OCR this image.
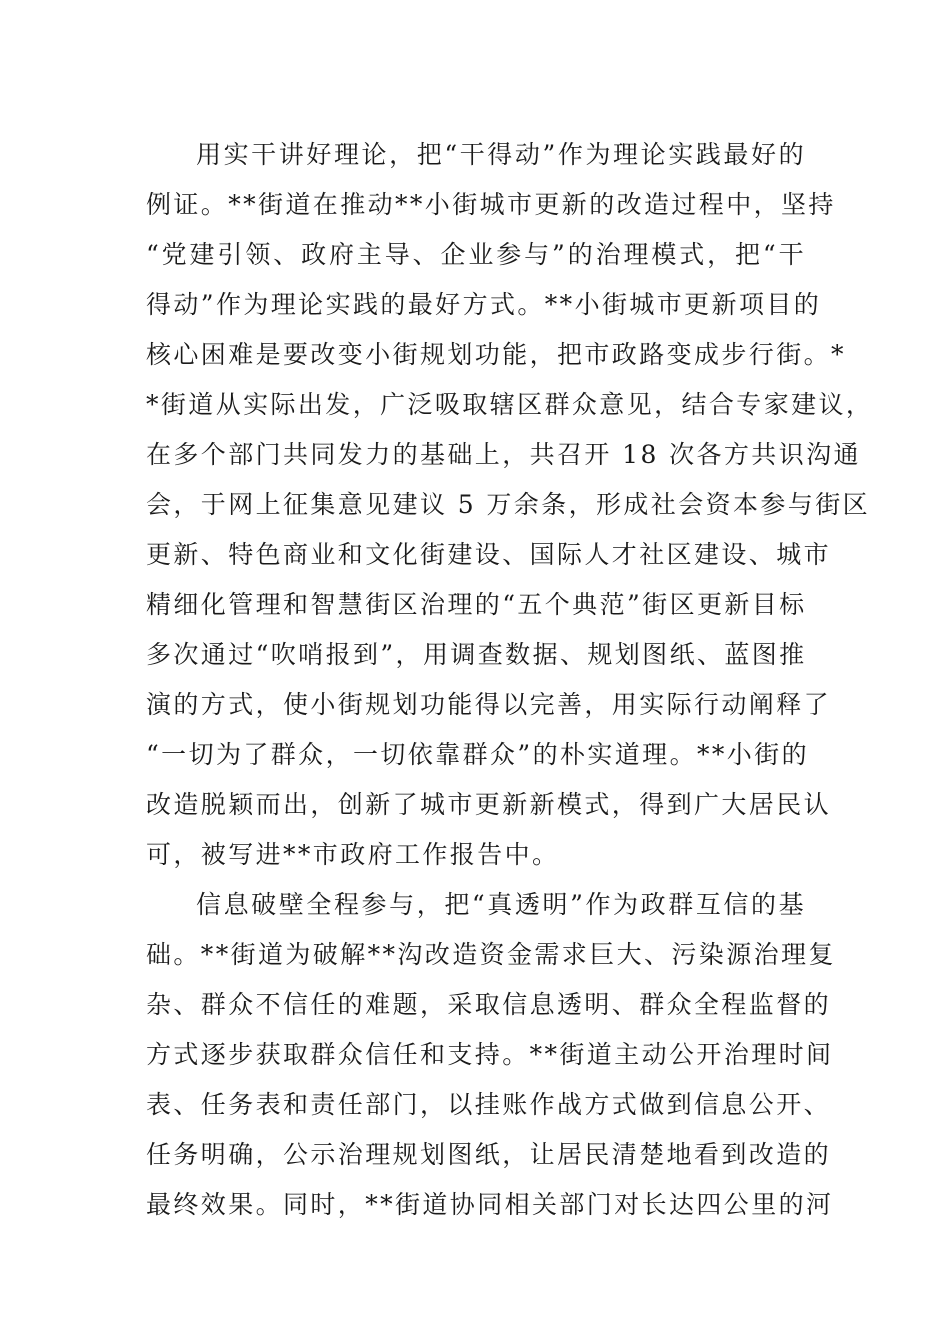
用实干讲好理论，把“干得动”作为理论实践最好的
例证。**街道在推动**小街城市更新的改造过程中，坚持
“党建引领、政府主导、企业参与”的治理模式，把“干
得动”作为理论实践的最好方式。**小街城市更新项目的
核心困难是要改变小街规划功能，把市政路变成步行街。*
*街道从实际出发，广泛吸取辖区群众意见，结合专家建议，
在多个部门共同发力的基础上，共召开 18 次各方共识沟通
会，于网上征集意见建议 5 万余条，形成社会资本参与街区
更新、特色商业和文化街建设、国际人才社区建设、城市
精细化管理和智慧街区治理的“五个典范”街区更新目标
多次通过“吹哨报到”，用调查数据、规划图纸、蓝图推
演的方式，使小街规划功能得以完善，用实际行动阐释了
“一切为了群众，一切依靠群众”的朴实道理。**小街的
改造脱颖而出，创新了城市更新新模式，得到广大居民认
可，被写进**市政府工作报告中。
信息破壁全程参与，把“真透明”作为政群互信的基
础。**街道为破解**沟改造资金需求巨大、污染源治理复
杂、群众不信任的难题，采取信息透明、群众全程监督的
方式逐步获取群众信任和支持。**街道主动公开治理时间
表、任务表和责任部门，以挂账作战方式做到信息公开、
任务明确，公示治理规划图纸，让居民清楚地看到改造的
最终效果。同时，**街道协同相关部门对长达四公里的河
